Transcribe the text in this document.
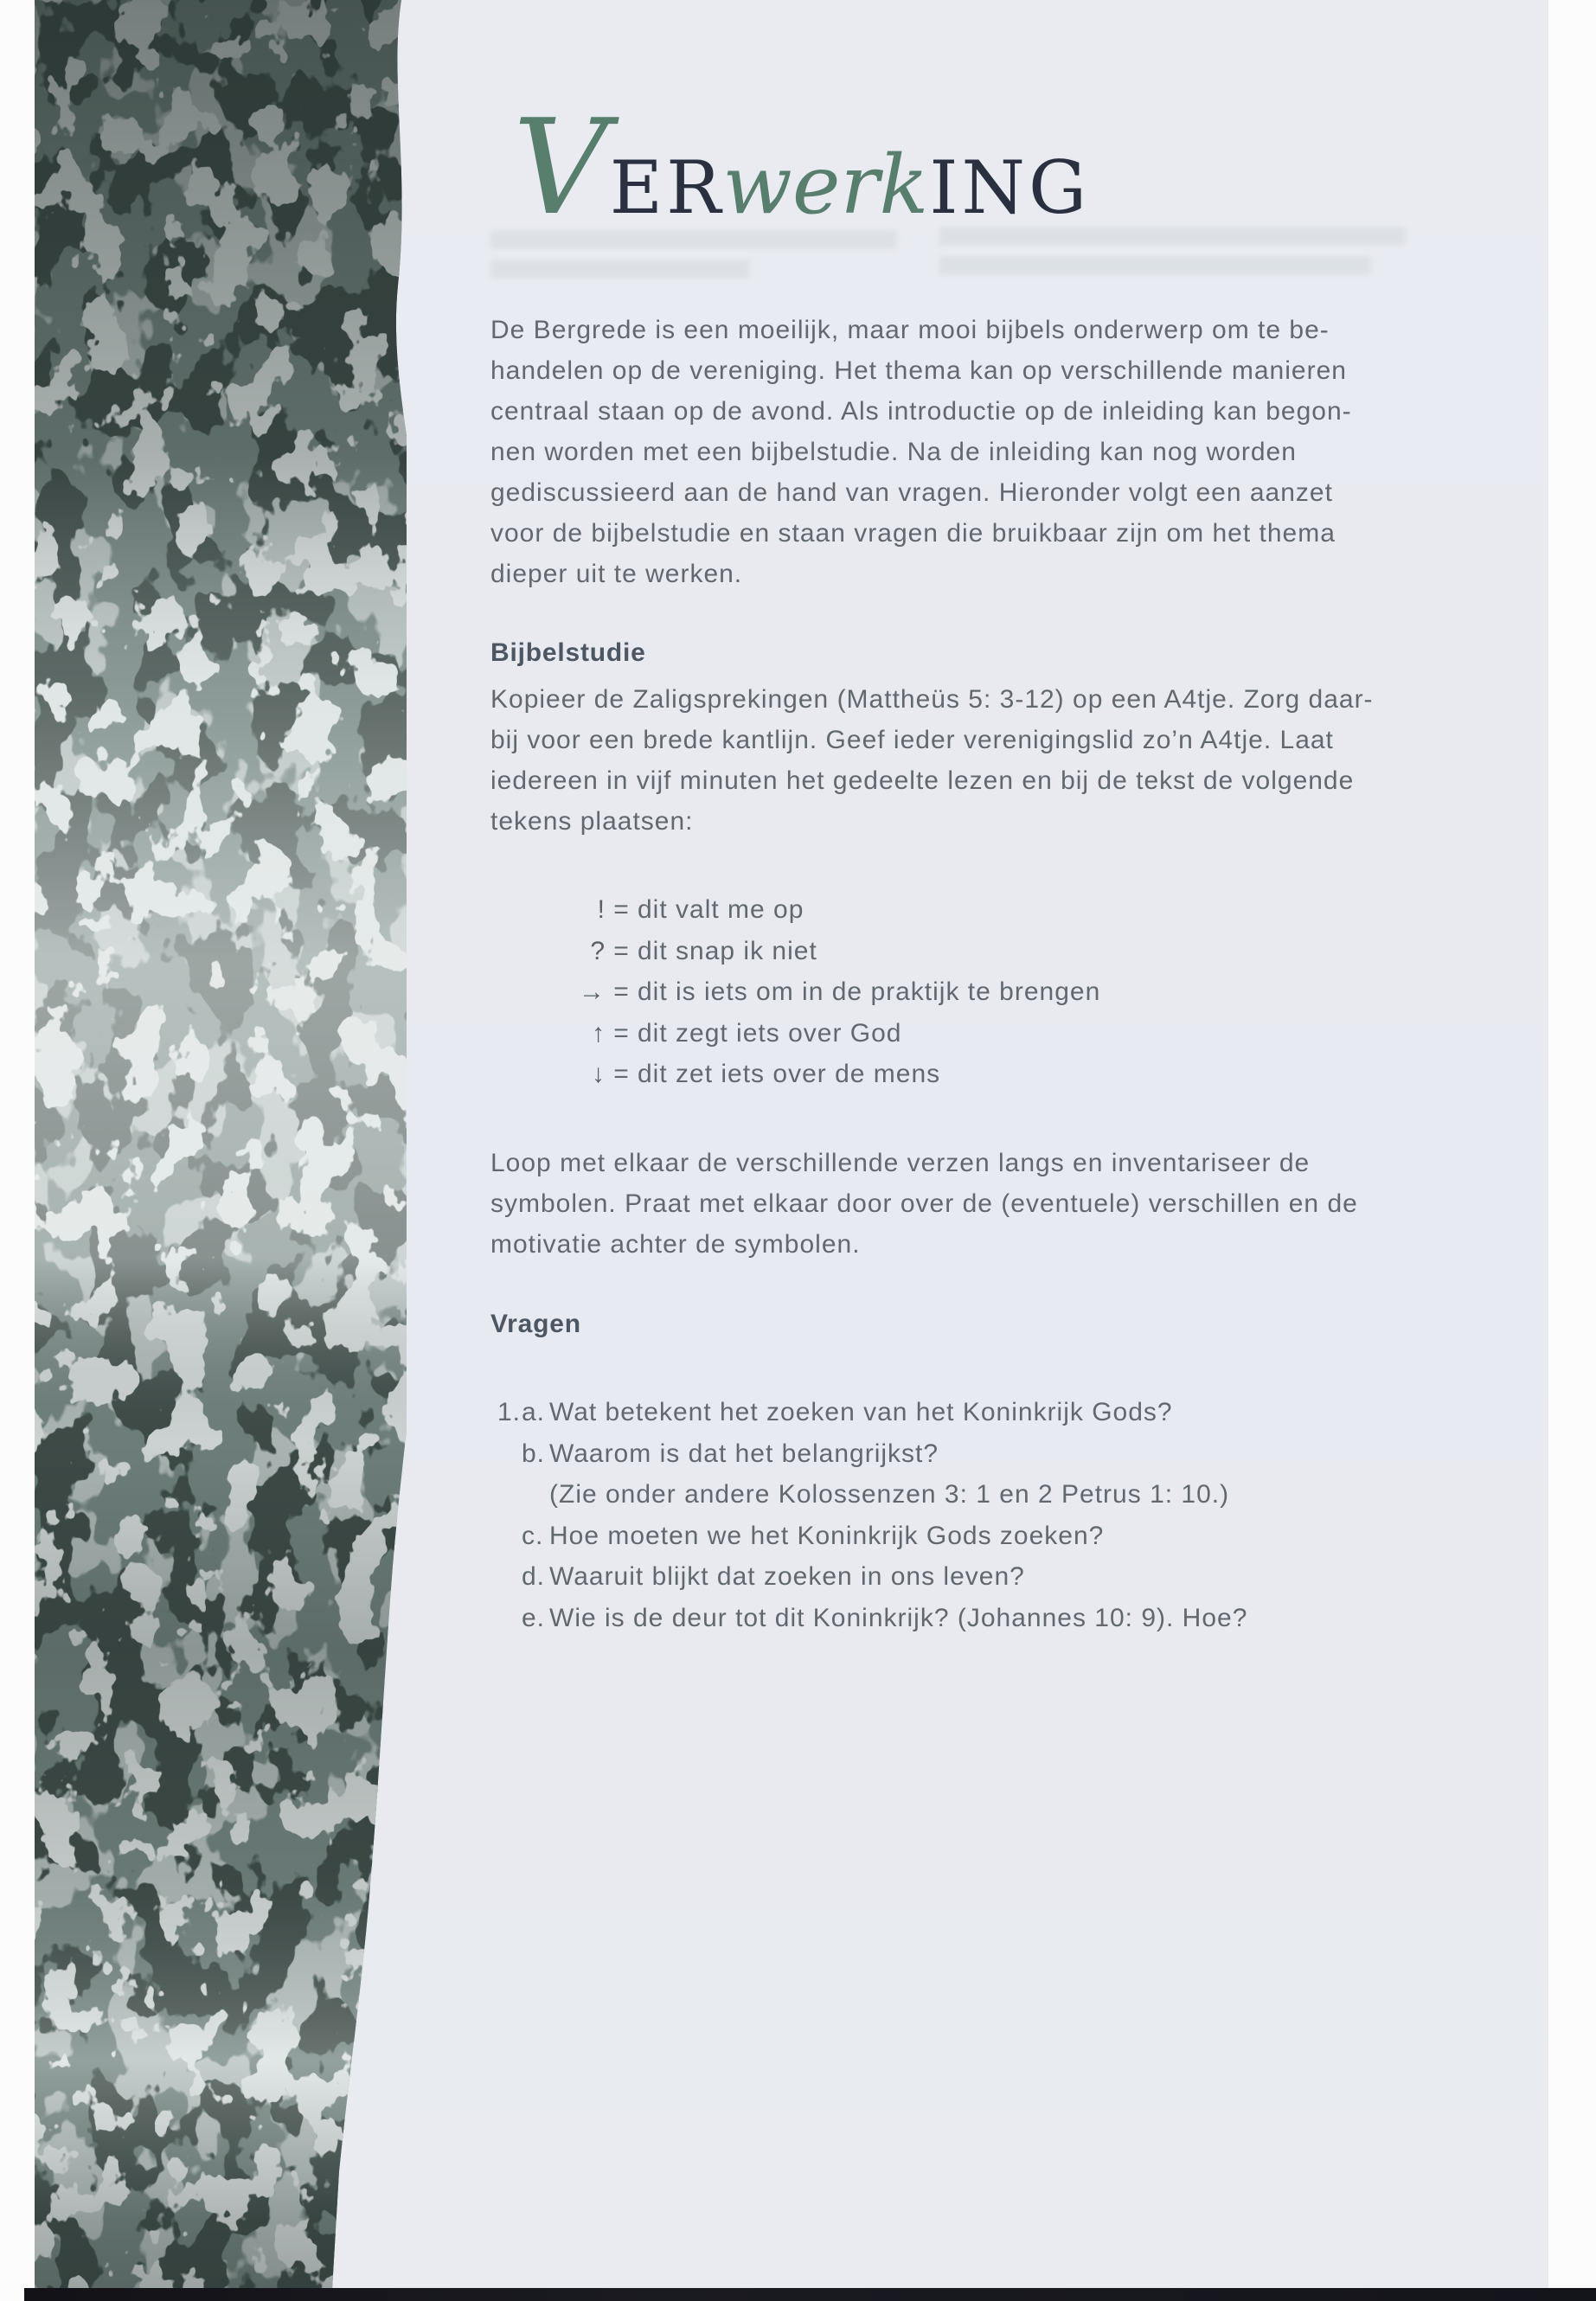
V ER
werk ING
De Bergrede is een moeilijk, maar mooi bijbels onderwerp om te be-
handelen op de vereniging. Het thema kan op verschillende manieren
centraal staan op de avond. Als introductie op de inleiding kan begon-
nen worden met een bijbelstudie. Na de inleiding kan nog worden
gediscussieerd aan de hand van vragen. Hieronder volgt een aanzet
voor de bijbelstudie en staan vragen die bruikbaar zijn om het thema
dieper uit te werken.
Bijbelstudie
Kopieer de Zaligsprekingen (Mattheüs 5: 3-12) op een A4tje. Zorg daar-
bij voor een brede kantlijn. Geef ieder verenigingslid zo’n A4tje. Laat
iedereen in vijf minuten het gedeelte lezen en bij de tekst de volgende
tekens plaatsen:
! = dit valt me op
? = dit snap ik niet
→ = dit is iets om in de praktijk te brengen
↑ = dit zegt iets over God
↓ = dit zet iets over de mens
Loop met elkaar de verschillende verzen langs en inventariseer de
symbolen. Praat met elkaar door over de (eventuele) verschillen en de
motivatie achter de symbolen.
Vragen
1. a. Wat betekent het zoeken van het Koninkrijk Gods?
b. Waarom is dat het belangrijkst?
(Zie onder andere Kolossenzen 3: 1 en 2 Petrus 1: 10.)
c. Hoe moeten we het Koninkrijk Gods zoeken?
d. Waaruit blijkt dat zoeken in ons leven?
e. Wie is de deur tot dit Koninkrijk? (Johannes 10: 9). Hoe?
